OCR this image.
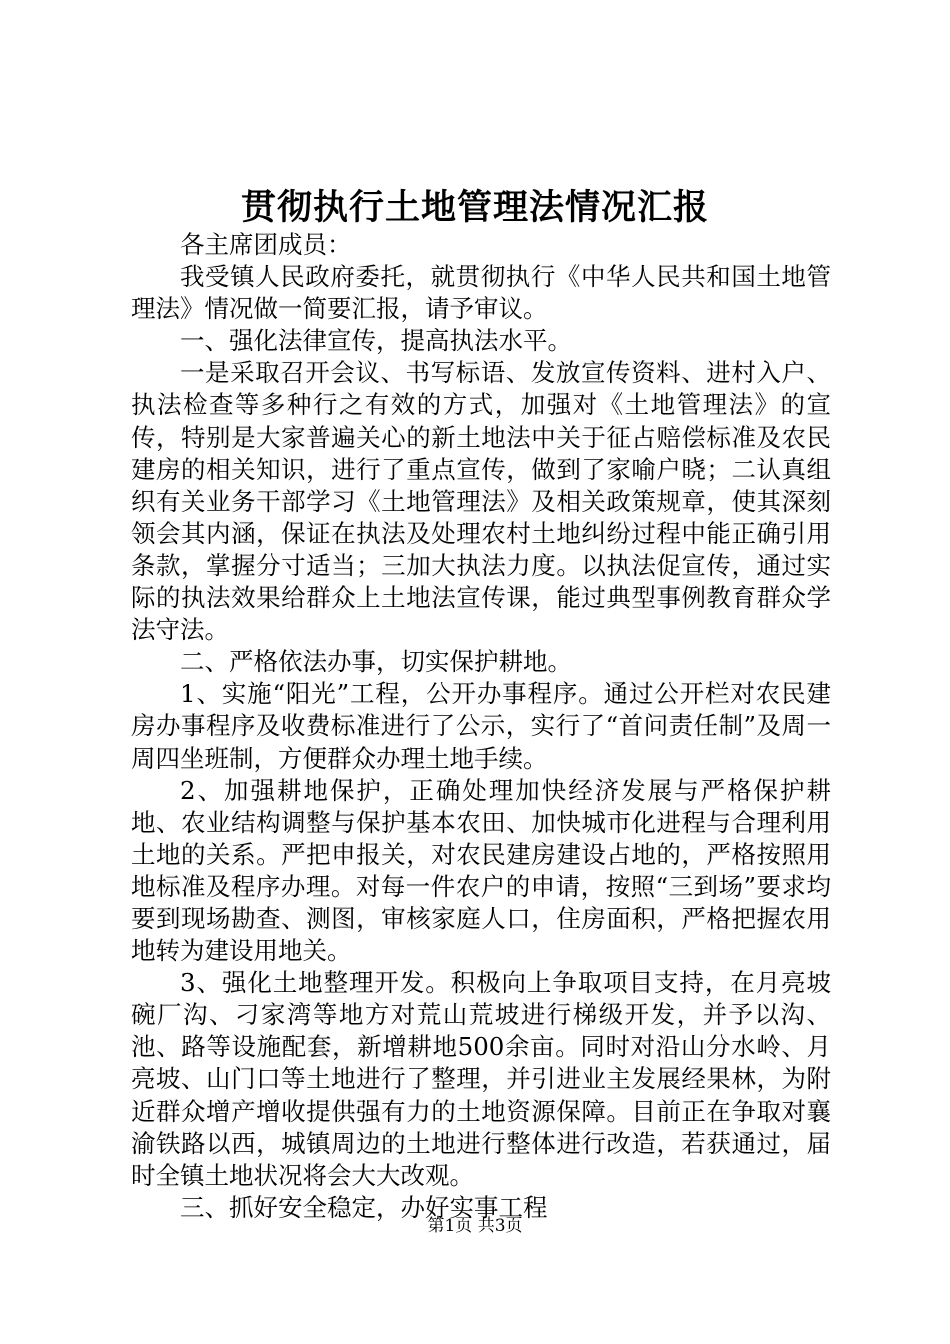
贯彻执行土地管理法情况汇报

各主席团成员：

我受镇人民政府委托，就贯彻执行《中华人民共和国土地管理法》情况做一简要汇报，请予审议。

一、强化法律宣传，提高执法水平。

一是采取召开会议、书写标语、发放宣传资料、进村入户、执法检查等多种行之有效的方式，加强对《土地管理法》的宣传，特别是大家普遍关心的新土地法中关于征占赔偿标准及农民建房的相关知识，进行了重点宣传，做到了家喻户晓；二认真组织有关业务干部学习《土地管理法》及相关政策规章，使其深刻领会其内涵，保证在执法及处理农村土地纠纷过程中能正确引用条款，掌握分寸适当；三加大执法力度。以执法促宣传，通过实际的执法效果给群众上土地法宣传课，能过典型事例教育群众学法守法。

二、严格依法办事，切实保护耕地。

1、实施“阳光”工程，公开办事程序。通过公开栏对农民建房办事程序及收费标准进行了公示，实行了“首问责任制”及周一周四坐班制，方便群众办理土地手续。

2、加强耕地保护，正确处理加快经济发展与严格保护耕地、农业结构调整与保护基本农田、加快城市化进程与合理利用土地的关系。严把申报关，对农民建房建设占地的，严格按照用地标准及程序办理。对每一件农户的申请，按照“三到场”要求均要到现场勘查、测图，审核家庭人口，住房面积，严格把握农用地转为建设用地关。

3、强化土地整理开发。积极向上争取项目支持，在月亮坡碗厂沟、刁家湾等地方对荒山荒坡进行梯级开发，并予以沟、池、路等设施配套，新增耕地500余亩。同时对沿山分水岭、月亮坡、山门口等土地进行了整理，并引进业主发展经果林，为附近群众增产增收提供强有力的土地资源保障。目前正在争取对襄渝铁路以西，城镇周边的土地进行整体进行改造，若获通过，届时全镇土地状况将会大大改观。

三、抓好安全稳定，办好实事工程

第1页 共3页
